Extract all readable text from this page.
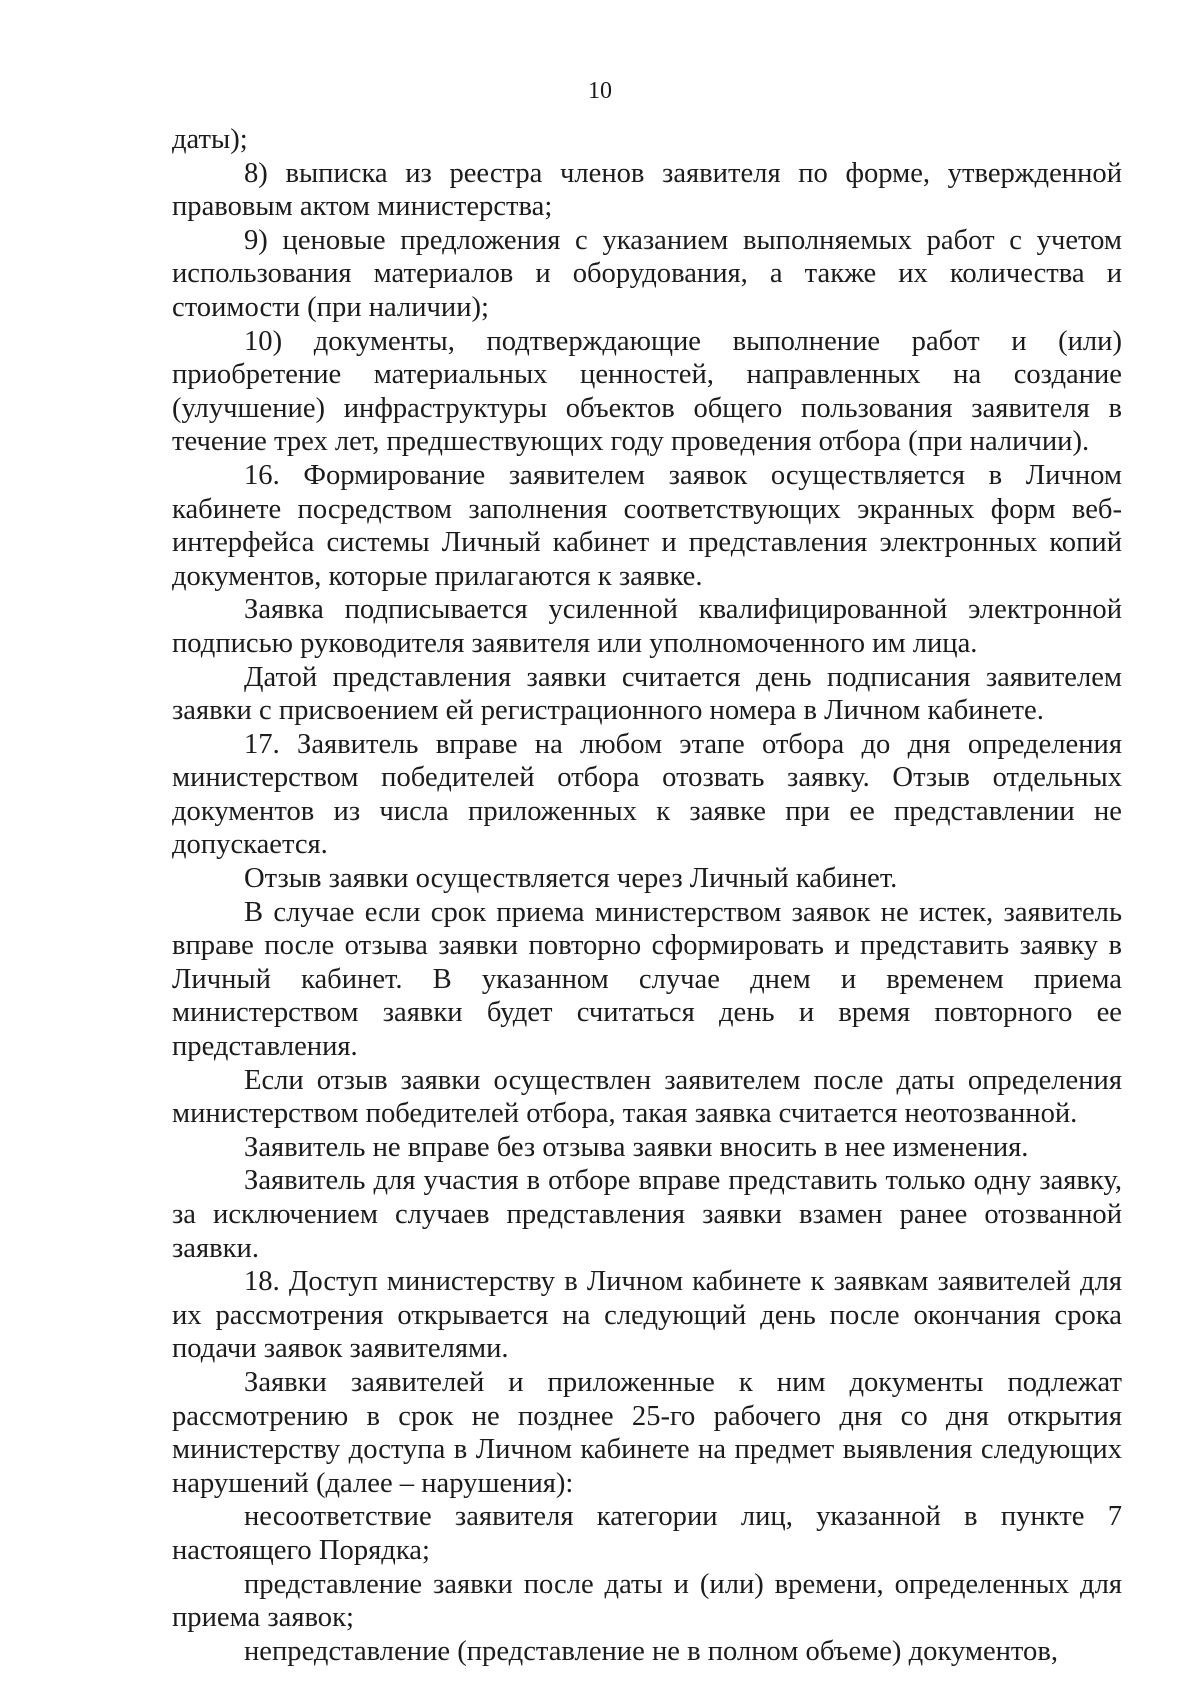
10

даты);

8) выписка из реестра членов заявителя по форме, утвержденной правовым актом министерства;

9) ценовые предложения с указанием выполняемых работ с учетом использования материалов и оборудования, а также их количества и стоимости (при наличии);

10) документы, подтверждающие выполнение работ и (или) приобретение материальных ценностей, направленных на создание (улучшение) инфраструктуры объектов общего пользования заявителя в течение трех лет, предшествующих году проведения отбора (при наличии).

16. Формирование заявителем заявок осуществляется в Личном кабинете посредством заполнения соответствующих экранных форм веб-интерфейса системы Личный кабинет и представления электронных копий документов, которые прилагаются к заявке.

Заявка подписывается усиленной квалифицированной электронной подписью руководителя заявителя или уполномоченного им лица.

Датой представления заявки считается день подписания заявителем заявки с присвоением ей регистрационного номера в Личном кабинете.

17. Заявитель вправе на любом этапе отбора до дня определения министерством победителей отбора отозвать заявку. Отзыв отдельных документов из числа приложенных к заявке при ее представлении не допускается.

Отзыв заявки осуществляется через Личный кабинет.

В случае если срок приема министерством заявок не истек, заявитель вправе после отзыва заявки повторно сформировать и представить заявку в Личный кабинет. В указанном случае днем и временем приема министерством заявки будет считаться день и время повторного ее представления.

Если отзыв заявки осуществлен заявителем после даты определения министерством победителей отбора, такая заявка считается неотозванной.

Заявитель не вправе без отзыва заявки вносить в нее изменения.

Заявитель для участия в отборе вправе представить только одну заявку, за исключением случаев представления заявки взамен ранее отозванной заявки.

18. Доступ министерству в Личном кабинете к заявкам заявителей для их рассмотрения открывается на следующий день после окончания срока подачи заявок заявителями.

Заявки заявителей и приложенные к ним документы подлежат рассмотрению в срок не позднее 25-го рабочего дня со дня открытия министерству доступа в Личном кабинете на предмет выявления следующих нарушений (далее – нарушения):

несоответствие заявителя категории лиц, указанной в пункте 7 настоящего Порядка;

представление заявки после даты и (или) времени, определенных для приема заявок;

непредставление (представление не в полном объеме) документов,
